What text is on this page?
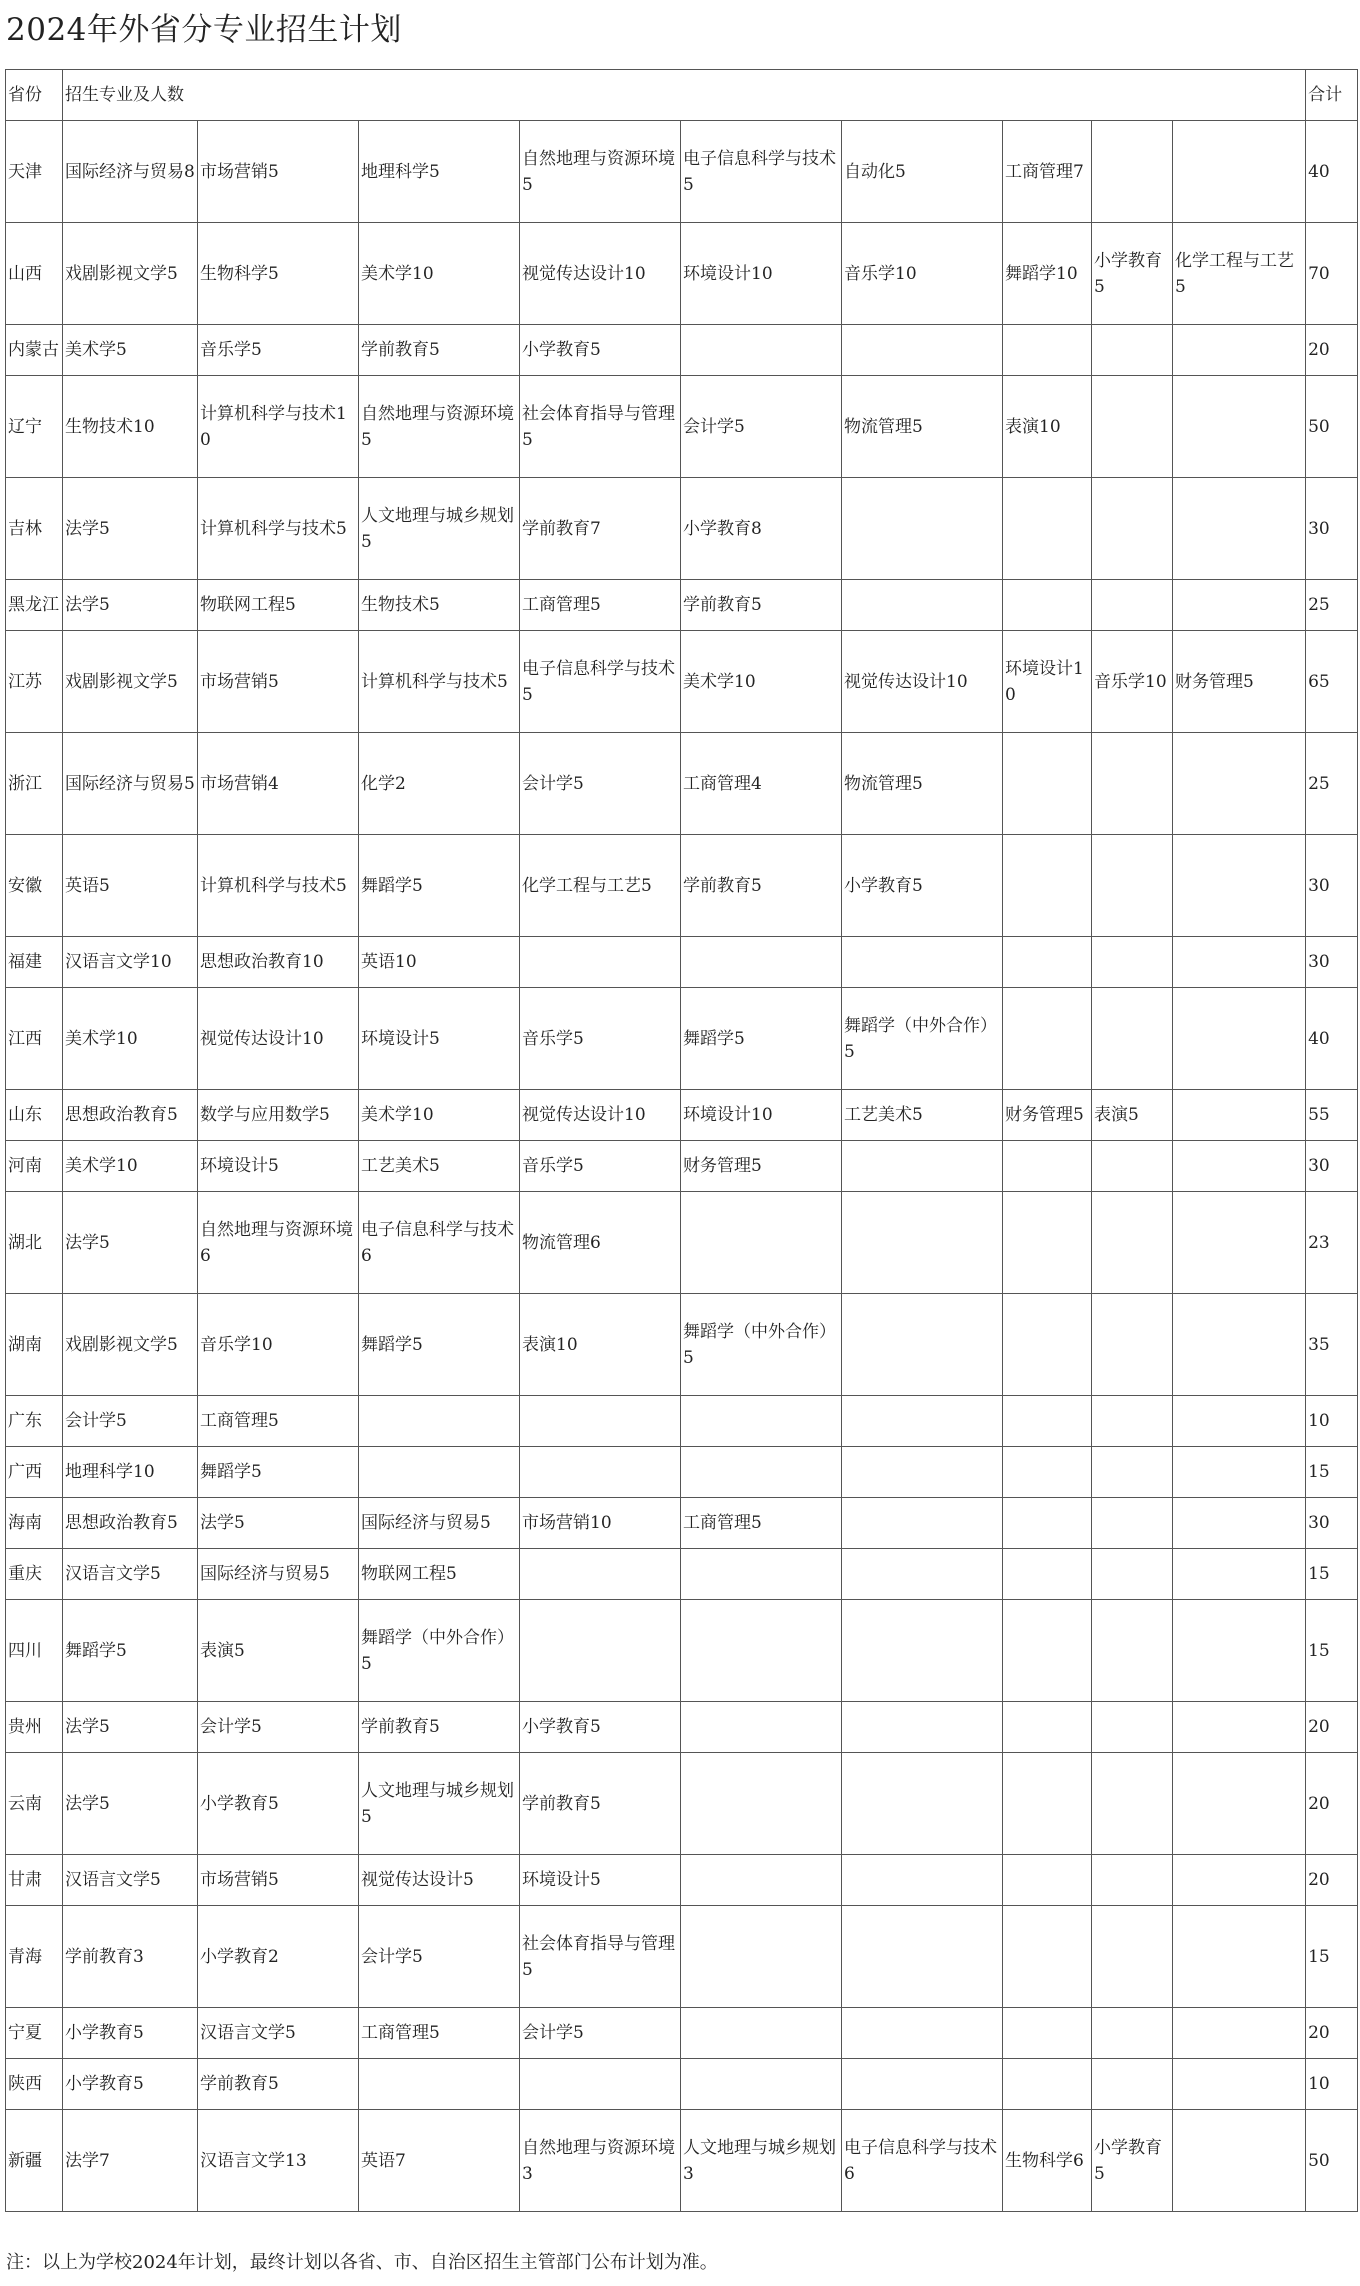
2024年外省分专业招生计划
省份	招生专业及人数									合计
天津	国际经济与贸易8	市场营销5	地理科学5	自然地理与资源环境5	电子信息科学与技术5	自动化5	工商管理7			40
山西	戏剧影视文学5	生物科学5	美术学10	视觉传达设计10	环境设计10	音乐学10	舞蹈学10	小学教育5	化学工程与工艺5	70
内蒙古	美术学5	音乐学5	学前教育5	小学教育5						20
辽宁	生物技术10	计算机科学与技术10	自然地理与资源环境5	社会体育指导与管理5	会计学5	物流管理5	表演10			50
吉林	法学5	计算机科学与技术5	人文地理与城乡规划5	学前教育7	小学教育8					30
黑龙江	法学5	物联网工程5	生物技术5	工商管理5	学前教育5					25
江苏	戏剧影视文学5	市场营销5	计算机科学与技术5	电子信息科学与技术5	美术学10	视觉传达设计10	环境设计10	音乐学10	财务管理5	65
浙江	国际经济与贸易5	市场营销4	化学2	会计学5	工商管理4	物流管理5				25
安徽	英语5	计算机科学与技术5	舞蹈学5	化学工程与工艺5	学前教育5	小学教育5				30
福建	汉语言文学10	思想政治教育10	英语10							30
江西	美术学10	视觉传达设计10	环境设计5	音乐学5	舞蹈学5	舞蹈学（中外合作）5				40
山东	思想政治教育5	数学与应用数学5	美术学10	视觉传达设计10	环境设计10	工艺美术5	财务管理5	表演5		55
河南	美术学10	环境设计5	工艺美术5	音乐学5	财务管理5					30
湖北	法学5	自然地理与资源环境6	电子信息科学与技术6	物流管理6						23
湖南	戏剧影视文学5	音乐学10	舞蹈学5	表演10	舞蹈学（中外合作）5					35
广东	会计学5	工商管理5								10
广西	地理科学10	舞蹈学5								15
海南	思想政治教育5	法学5	国际经济与贸易5	市场营销10	工商管理5					30
重庆	汉语言文学5	国际经济与贸易5	物联网工程5							15
四川	舞蹈学5	表演5	舞蹈学（中外合作）5							15
贵州	法学5	会计学5	学前教育5	小学教育5						20
云南	法学5	小学教育5	人文地理与城乡规划5	学前教育5						20
甘肃	汉语言文学5	市场营销5	视觉传达设计5	环境设计5						20
青海	学前教育3	小学教育2	会计学5	社会体育指导与管理5						15
宁夏	小学教育5	汉语言文学5	工商管理5	会计学5						20
陕西	小学教育5	学前教育5								10
新疆	法学7	汉语言文学13	英语7	自然地理与资源环境3	人文地理与城乡规划3	电子信息科学与技术6	生物科学6	小学教育5		50

注：以上为学校2024年计划，最终计划以各省、市、自治区招生主管部门公布计划为准。
